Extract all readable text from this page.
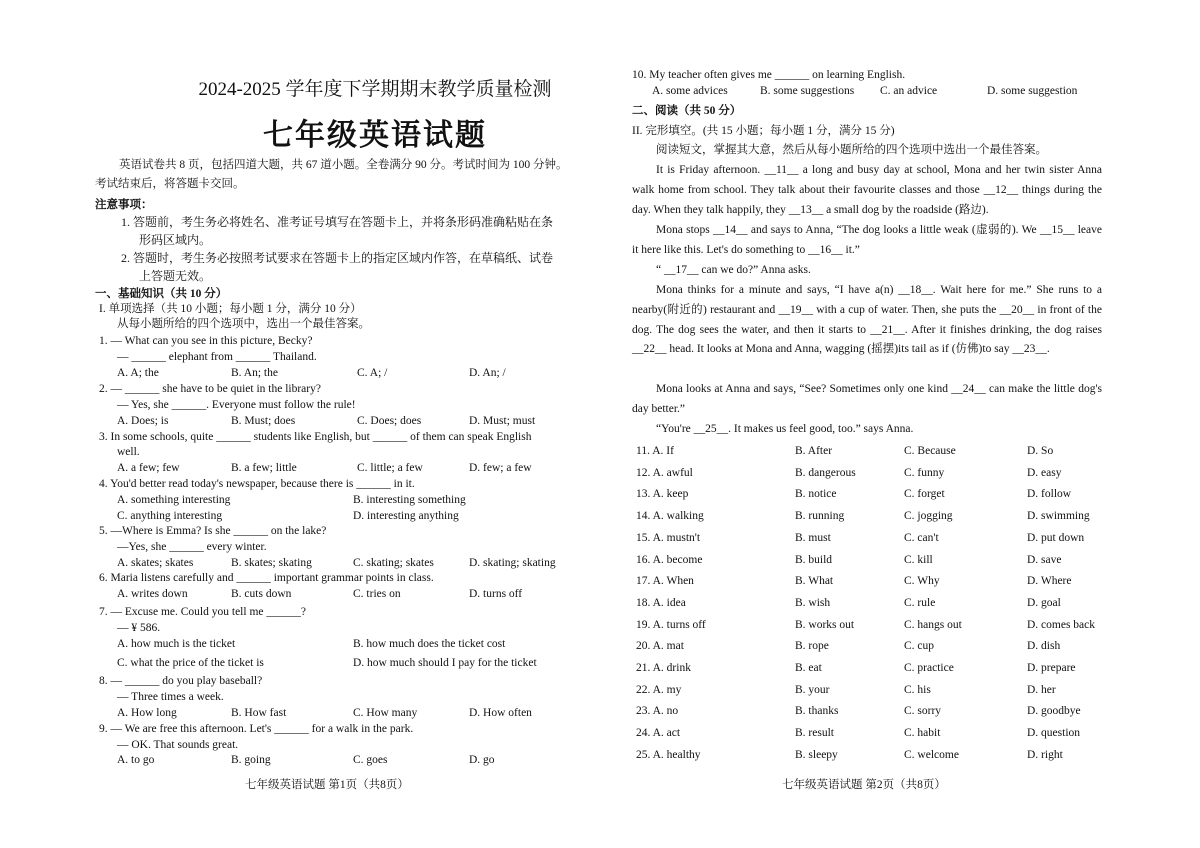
2024-2025 学年度下学期期末教学质量检测
七年级英语试题
英语试卷共 8 页，包括四道大题，共 67 道小题。全卷满分 90 分。考试时间为 100 分钟。考试结束后，将答题卡交回。
注意事项：
1. 答题前，考生务必将姓名、准考证号填写在答题卡上，并将条形码准确粘贴在条
形码区域内。
2. 答题时，考生务必按照考试要求在答题卡上的指定区域内作答，在草稿纸、试卷
上答题无效。
一、基础知识（共 10 分）
I. 单项选择（共 10 小题；每小题 1 分，满分 10 分）
从每小题所给的四个选项中，选出一个最佳答案。
1. — What can you see in this picture, Becky?
— ______ elephant from ______ Thailand.
A. A; the	B. An; the	C. A; /	D. An; /
2. — ______ she have to be quiet in the library?
— Yes, she ______. Everyone must follow the rule!
A. Does; is	B. Must; does	C. Does; does	D. Must; must
3. In some schools, quite ______ students like English, but ______ of them can speak English
well.
A. a few; few	B. a few; little	C. little; a few	D. few; a few
4. You'd better read today's newspaper, because there is ______ in it.
A. something interesting	B. interesting something
C. anything interesting	D. interesting anything
5. —Where is Emma? Is she ______ on the lake?
—Yes, she ______ every winter.
A. skates; skates	B. skates; skating	C. skating; skates	D. skating; skating
6. Maria listens carefully and ______ important grammar points in class.
A. writes down	B. cuts down	C. tries on	D. turns off
7. — Excuse me. Could you tell me ______?
— ¥ 586.
A. how much is the ticket	B. how much does the ticket cost
C. what the price of the ticket is	D. how much should I pay for the ticket
8. — ______ do you play baseball?
— Three times a week.
A. How long	B. How fast	C. How many	D. How often
9. — We are free this afternoon. Let's ______ for a walk in the park.
— OK. That sounds great.
A. to go	B. going	C. goes	D. go
七年级英语试题 第1页（共8页）
10. My teacher often gives me ______ on learning English.
A. some advices	B. some suggestions C. an advice	D. some suggestion
二、阅读（共 50 分）
II. 完形填空。(共 15 小题；每小题 1 分，满分 15 分)
阅读短文，掌握其大意，然后从每小题所给的四个选项中选出一个最佳答案。
It is Friday afternoon. __11__ a long and busy day at school, Mona and her twin sister Anna walk home from school. They talk about their favourite classes and those __12__ things during the day. When they talk happily, they __13__ a small dog by the roadside (路边).
Mona stops __14__ and says to Anna, “The dog looks a little weak (虚弱的). We __15__ leave it here like this. Let's do something to __16__ it.”
“ __17__ can we do?” Anna asks.
Mona thinks for a minute and says, “I have a(n) __18__. Wait here for me.” She runs to a nearby(附近的) restaurant and __19__ with a cup of water. Then, she puts the __20__ in front of the dog. The dog sees the water, and then it starts to __21__. After it finishes drinking, the dog raises __22__ head. It looks at Mona and Anna, wagging (摇摆)its tail as if (仿佛)to say __23__.
Mona looks at Anna and says, “See? Sometimes only one kind __24__ can make the little dog's day better.”
“You're __25__. It makes us feel good, too.” says Anna.
11. A. If	B. After	C. Because	D. So
12. A. awful	B. dangerous	C. funny	D. easy
13. A. keep	B. notice	C. forget	D. follow
14. A. walking	B. running	C. jogging	D. swimming
15. A. mustn't	B. must	C. can't	D. put down
16. A. become	B. build	C. kill	D. save
17. A. When	B. What	C. Why	D. Where
18. A. idea	B. wish	C. rule	D. goal
19. A. turns off	B. works out	C. hangs out	D. comes back
20. A. mat	B. rope	C. cup	D. dish
21. A. drink	B. eat	C. practice	D. prepare
22. A. my	B. your	C. his	D. her
23. A. no	B. thanks	C. sorry	D. goodbye
24. A. act	B. result	C. habit	D. question
25. A. healthy	B. sleepy	C. welcome	D. right
七年级英语试题 第2页（共8页）
